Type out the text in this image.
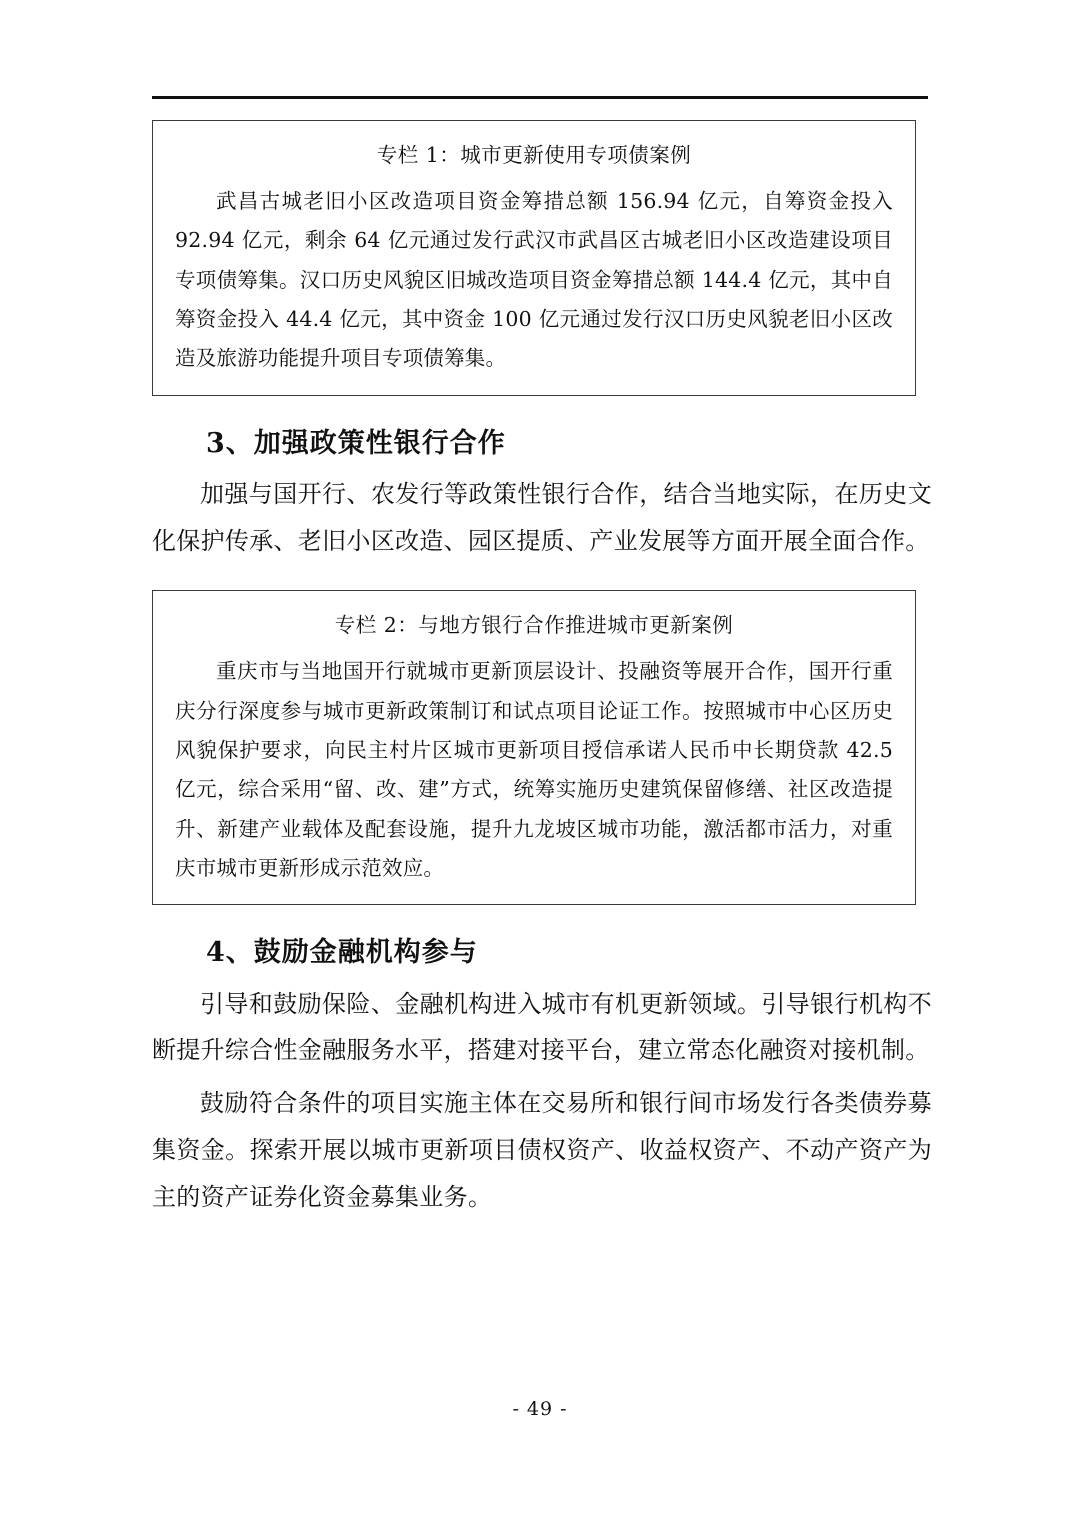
专栏 1：城市更新使用专项债案例
武昌古城老旧小区改造项目资金筹措总额 156.94 亿元，自筹资金投入 92.94 亿元，剩余 64 亿元通过发行武汉市武昌区古城老旧小区改造建设项目专项债筹集。汉口历史风貌区旧城改造项目资金筹措总额 144.4 亿元，其中自筹资金投入 44.4 亿元，其中资金 100 亿元通过发行汉口历史风貌老旧小区改造及旅游功能提升项目专项债筹集。
3、加强政策性银行合作
加强与国开行、农发行等政策性银行合作，结合当地实际，在历史文化保护传承、老旧小区改造、园区提质、产业发展等方面开展全面合作。
专栏 2：与地方银行合作推进城市更新案例
重庆市与当地国开行就城市更新顶层设计、投融资等展开合作，国开行重庆分行深度参与城市更新政策制订和试点项目论证工作。按照城市中心区历史风貌保护要求，向民主村片区城市更新项目授信承诺人民币中长期贷款 42.5 亿元，综合采用“留、改、建”方式，统筹实施历史建筑保留修缮、社区改造提升、新建产业载体及配套设施，提升九龙坡区城市功能，激活都市活力，对重庆市城市更新形成示范效应。
4、鼓励金融机构参与
引导和鼓励保险、金融机构进入城市有机更新领域。引导银行机构不断提升综合性金融服务水平，搭建对接平台，建立常态化融资对接机制。
鼓励符合条件的项目实施主体在交易所和银行间市场发行各类债券募集资金。探索开展以城市更新项目债权资产、收益权资产、不动产资产为主的资产证券化资金募集业务。
- 49 -
